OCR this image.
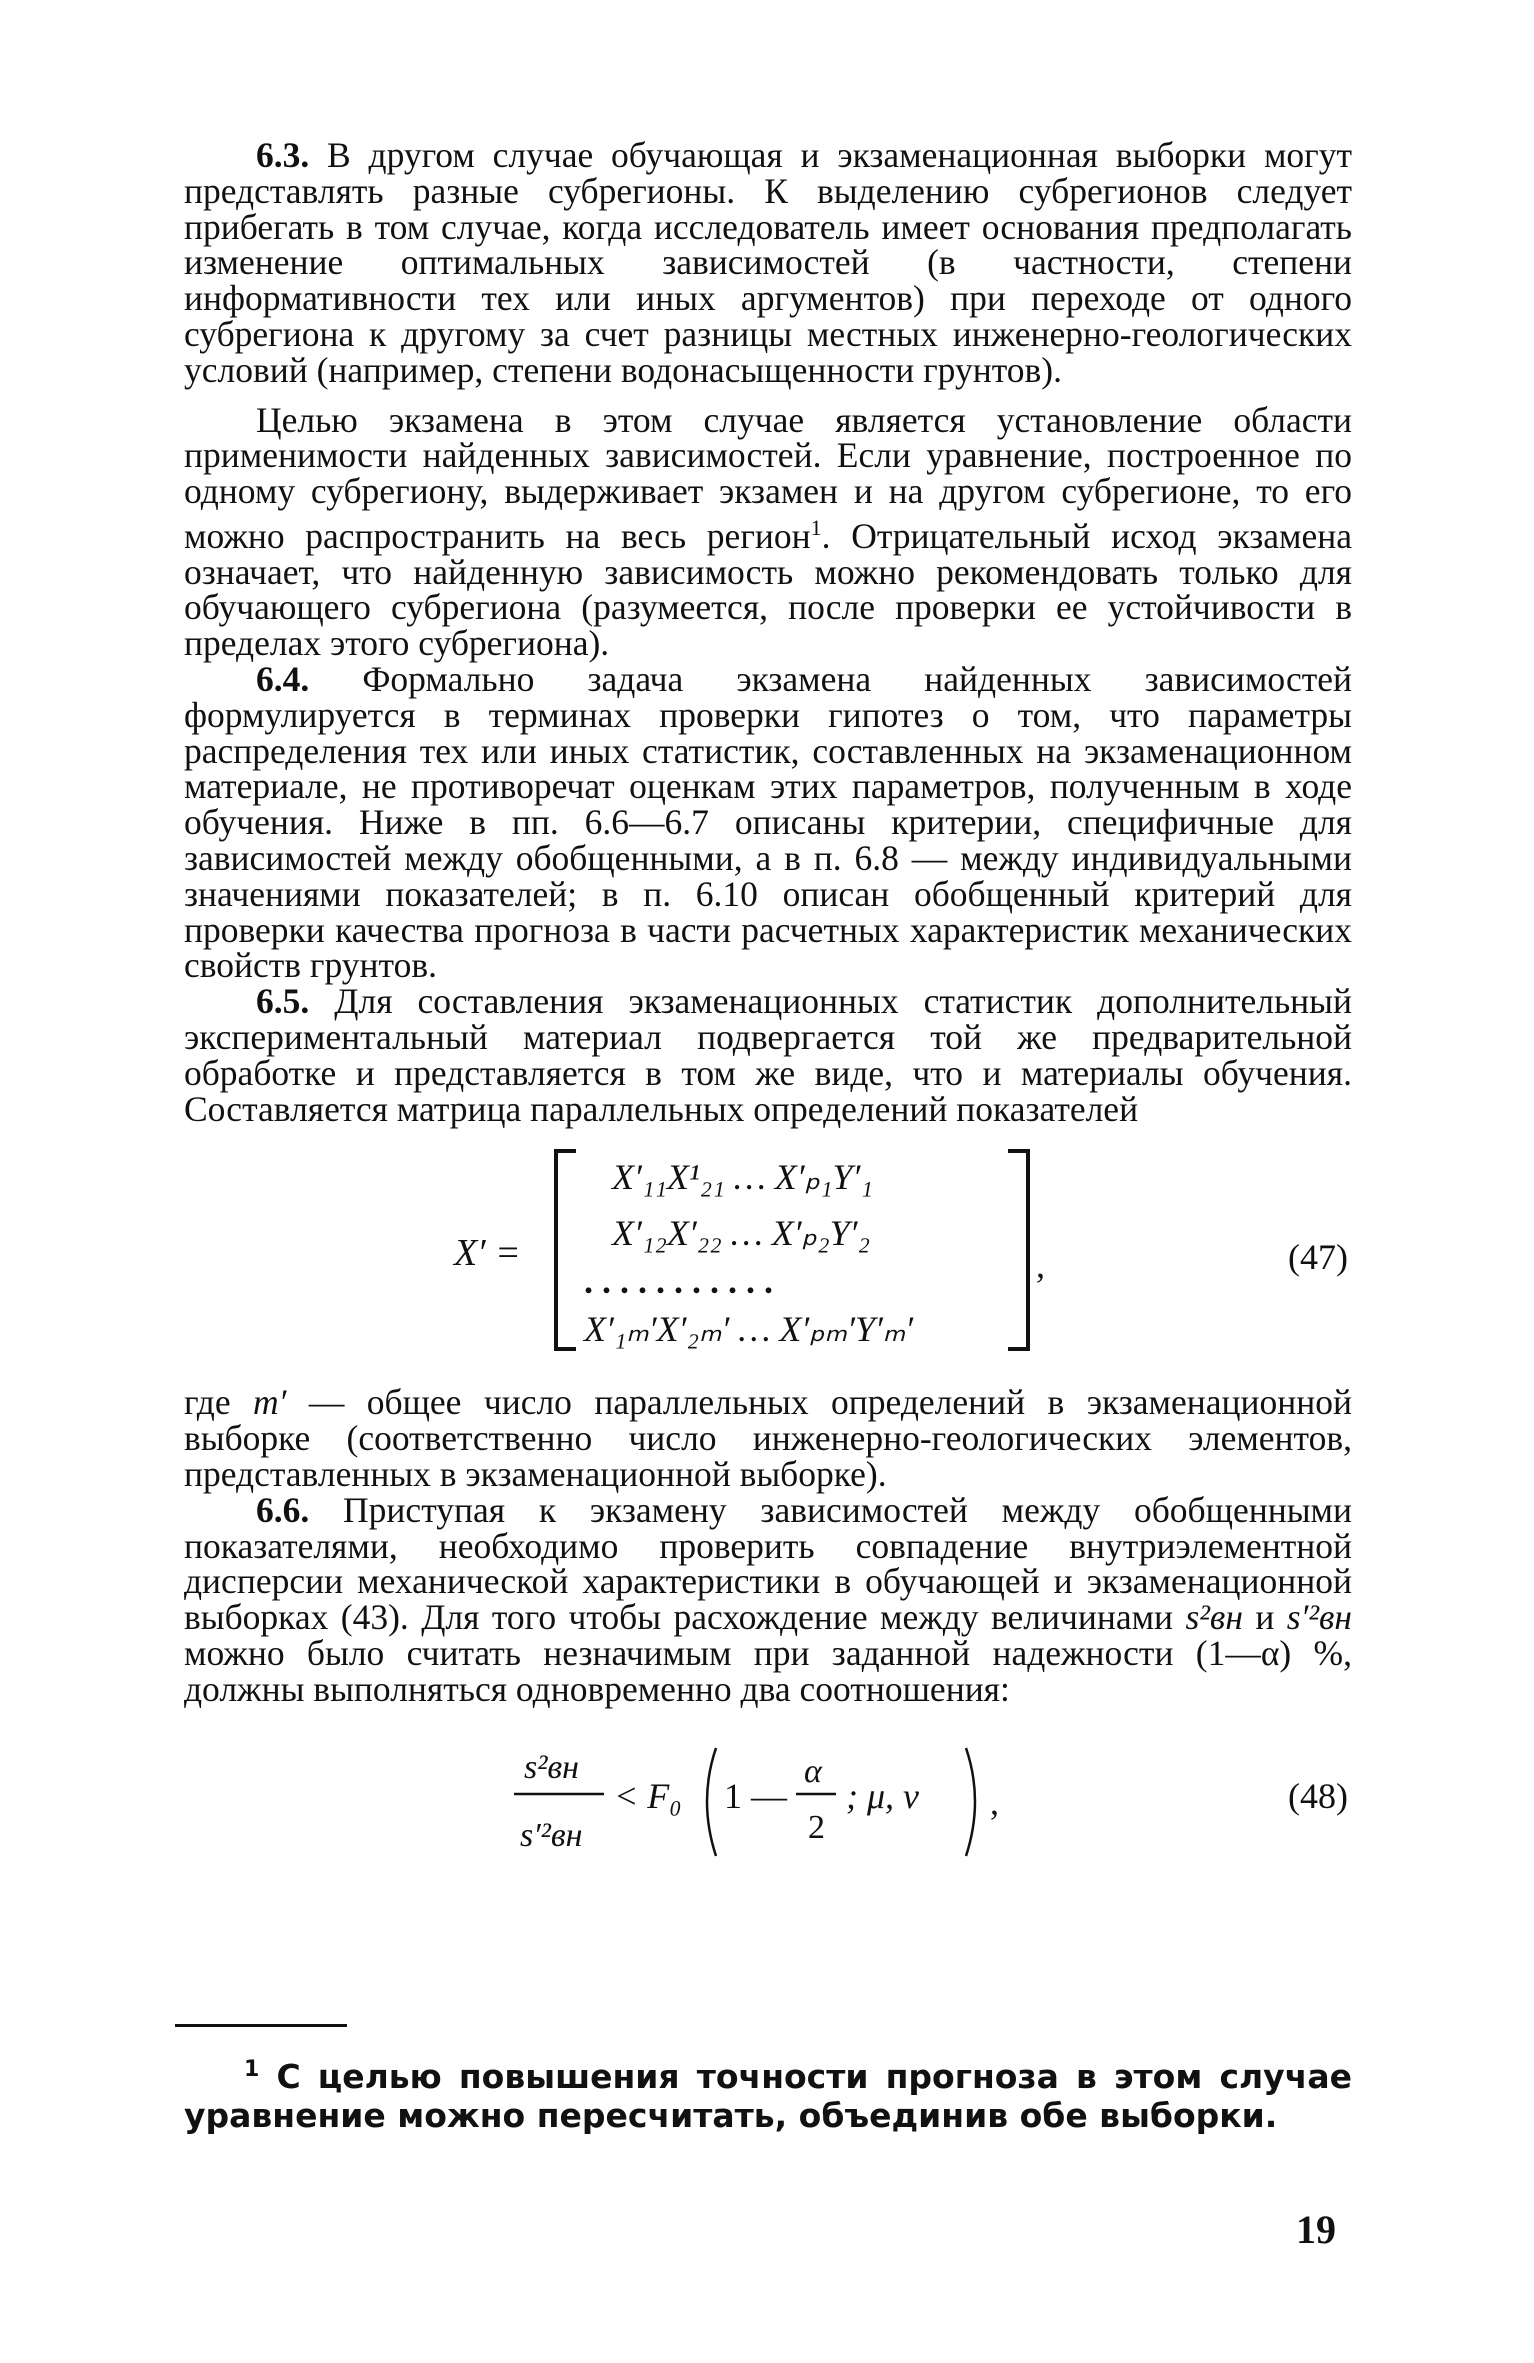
6.3. В другом случае обучающая и экзаменационная выборки могут представлять разные субрегионы. К выделению субрегионов следует прибегать в том случае, когда исследователь имеет основания предполагать изменение оптимальных зависимостей (в частности, степени информативности тех или иных аргументов) при переходе от одного субрегиона к другому за счет разницы местных инженерно-геологических условий (например, степени водонасыщенности грунтов).

Целью экзамена в этом случае является установление области применимости найденных зависимостей. Если уравнение, построенное по одному субрегиону, выдерживает экзамен и на другом субрегионе, то его можно распространить на весь регион$^1$. Отрицательный исход экзамена означает, что найденную зависимость можно рекомендовать только для обучающего субрегиона (разумеется, после проверки ее устойчивости в пределах этого субрегиона).

6.4. Формально задача экзамена найденных зависимостей формулируется в терминах проверки гипотез о том, что параметры распределения тех или иных статистик, составленных на экзаменационном материале, не противоречат оценкам этих параметров, полученным в ходе обучения. Ниже в пп. 6.6—6.7 описаны критерии, специфичные для зависимостей между обобщенными, а в п. 6.8 — между индивидуальными значениями показателей; в п. 6.10 описан обобщенный критерий для проверки качества прогноза в части расчетных характеристик механических свойств грунтов.

6.5. Для составления экзаменационных статистик дополнительный экспериментальный материал подвергается той же предварительной обработке и представляется в том же виде, что и материалы обучения. Составляется матрица параллельных определений показателей

X′ =
X′₁₁X¹₂₁ … X′ₚ₁Y′₁
X′₁₂X′₂₂ … X′ₚ₂Y′₂
. . . . . . . . . . .
X′₁ₘ′X′₂ₘ′ … X′ₚₘ′Y′ₘ′
,	(47)

где m′ — общее число параллельных определений в экзаменационной выборке (соответственно число инженерно-геологических элементов, представленных в экзаменационной выборке).

6.6. Приступая к экзамену зависимостей между обобщенными показателями, необходимо проверить совпадение внутриэлементной дисперсии механической характеристики в обучающей и экзаменационной выборках (43). Для того чтобы расхождение между величинами s²вн и s′²вн можно было считать незначимым при заданной надежности (1—α) %, должны выполняться одновременно два соотношения:

s²вн
s′²вн
< F₀ 1 —
α
2
; μ, ν ,	(48)

$^1$ С целью повышения точности прогноза в этом случае уравнение можно пересчитать, объединив обе выборки.

19
